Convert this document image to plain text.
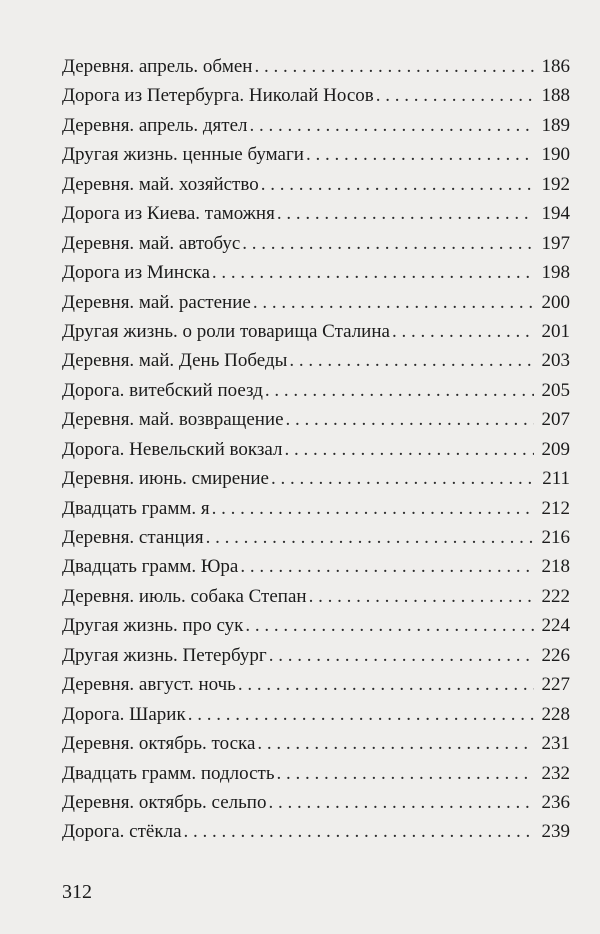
Деревня. апрель. обмен . . .	186
Дорога из Петербурга. Николай Носов . . .	188
Деревня. апрель. дятел . . .	189
Другая жизнь. ценные бумаги . . .	190
Деревня. май. хозяйство . . .	192
Дорога из Киева. таможня . . .	194
Деревня. май. автобус . . .	197
Дорога из Минска . . .	198
Деревня. май. растение . . .	200
Другая жизнь. о роли товарища Сталина . . .	201
Деревня. май. День Победы . . .	203
Дорога. витебский поезд . . .	205
Деревня. май. возвращение . . .	207
Дорога. Невельский вокзал . . .	209
Деревня. июнь. смирение . . .	211
Двадцать грамм. я . . .	212
Деревня. станция . . .	216
Двадцать грамм. Юра . . .	218
Деревня. июль. собака Степан . . .	222
Другая жизнь. про сук . . .	224
Другая жизнь. Петербург . . .	226
Деревня. август. ночь . . .	227
Дорога. Шарик . . .	228
Деревня. октябрь. тоска . . .	231
Двадцать грамм. подлость . . .	232
Деревня. октябрь. сельпо . . .	236
Дорога. стёкла . . .	239
312
